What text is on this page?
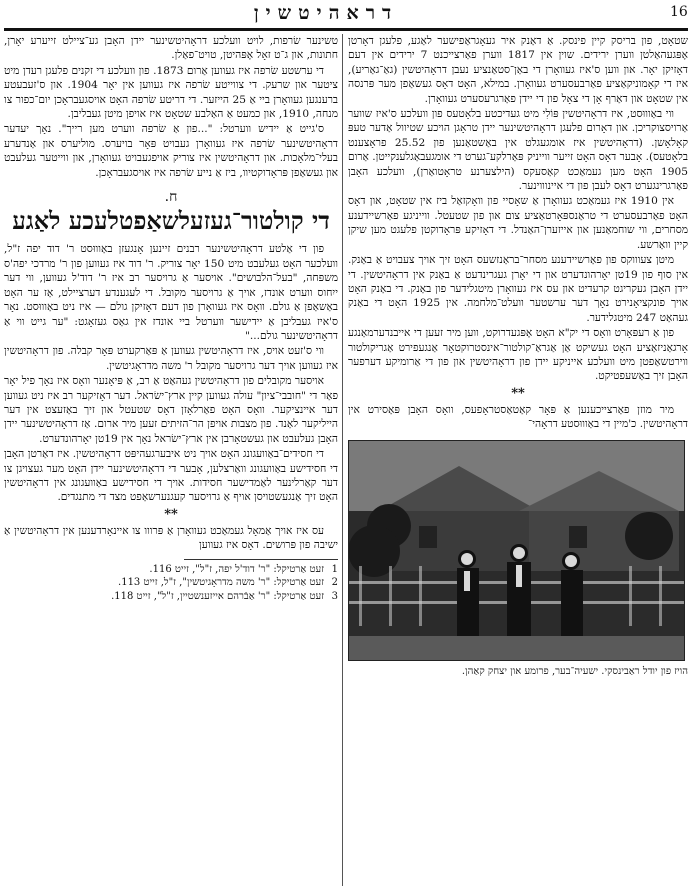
16
דראהיטשין

שטאָט, פון בריסק קיין פינסק. אַ דאַנק איר געאָגראַפישער לאַגע, פלעגן דאָרטן אָפּגעהאַלטן ווערן ירידים. שוין אין 1817 ווערן פאַרצייכנט 7 ירידים אין דעם דאָזיקן יאָר. און ווען ס'איז געוואָרן די באַן־סטאַנציע נעבן דראָהיטשין (גאַ־גאַריע), איז די קאָמוניקאַציע פאַרבעסערט געוואָרן. במילא, האָט דאָס געשאַפן מער פּרנסה אין שטאָט און דאַרף אָן די צאָל פון די יידן פאַרגרעסערט געוואָרן.

ווי באַוווּסט, איז דראָהיטשין פּוֹלִי מיט געדיכטע בלאָטעס פון וועלכע ס'איז שווער אַרויסצוקריכן. און דאָרום פלעגן דראָהיטשינער יידן טראָגן הויכע שטיוול אַדער טעפּ קאָלאָשן. (דראָהיטשין איז אומגעגלט אין באַשטאַנען פון 25.52 פראָצענט בלאָטעס). אָבער דאָס האָט זייער ווייניק פּאַרלקע־גערט די אומגעבאַגלענקייטן. אַרום 1905 האָט מען געמאַכט קאַסעקס (הילצערנע טראָטואַרן), וועלכע האָבן פאַרגרינגערט דאָס לעבן פון די איינוווינער.

אין 1910 איז געמאַכט געוואָרן אַ שאָסיי פון וואָקזאַל ביז אין שטאָט, און דאָס האָט פאַרבעסערט די טראַנספּאָרטאַציע צום און פון שטעטל. ווייניגע פאַרשיידענע מסחרים, ווי שוחמאַנען און אייזערן־האַנדל. די דאָזיקע פּראָדוקטן פלעגט מען שיקן קיין וואַרשע.

מיטן צעוווקס פון פאַרשיידענע מסחר־בראַנזשעס האָט זיך אויך צעבויט אַ באַנק. אין סוף פון 19טן יאָרהונדערט און די יאָרן געגרינדעט אַ באַנק אין דראָהיטשין. די יידן האָבן געקריגט קרעדיט און עס איז געוואָרן מיטגלידער פון באַנק. די באַנק האָט אויך פונקציאָנירט נאָך דער ערשטער וועלט־מלחמה. אין 1925 האָט די באַנק געהאַט 247 מיטגלידער.

פון אַ רעפּאָרט וואָס די יק"א האָט אָפּגעדרוקט, ווען מיר זעען די אייבנדערמאַנגע אָרגאַניזאַציע האָט געשיקט אַן אַגראַ־קולטור־אינסטרוקטאָר אַנגעפירט אַגריקולטור ווירטשאַפטן מיט וועלכע אייניקע יידן פון דראָהיטשין און פון די אַרומיקע דערפער האָבן זיך באַשעפטיקט.

**

מיר מוזן פאַרצייכענען אַ פּאָר קאַטאַסטראָפעס, וואָס האָבן פּאַסירט אין דראָהיטשין. כ'מיין די באַוווּסטע דראָהי־

הויז פון יודל ראַבינסקי. ישעיה־בער, פרומע און יצחק קאַהן.

טשינער שׂרפות, לויט וועלכע דראָהיטשינער יידן האָבן גע־ציילט זייערע יאָרן, חתונות, און ג־ט זאָל אָפּהיטן, טויט־פאַלן.

די ערשטע שׂרפה איז געווען אַרום 1873. פון וועלכע די זקנים פלעגן רעדן מיט ציטער און שרעק. די צווייטע שׂרפה איז געווען אין יאָר 1904. און ס'זעבעטע ברענגען געוואָרן ביי אַ 25 הייזער. די דריטע שׂרפה האָט אויסגעבראָכן יום־כפור צו מנחה, 1910, און כמעט אַ האַלבע שטאָט איז אויפן מיטן געבליבן.

ס'גייט אַ יידיש ווערטל: "...פון אַ שׂרפה ווערט מען רייך". נאָך יעדער דראָהיטשינער שׂרפה איז געוואָרן געבויט פּאָר בויערס. מוליערס און אַנדערע בעלי־מלאָכות. און דראָהיטשין איז צוריק אויפגעבויט געוואָרן, און ווייטער געלעבט און געשאַפן פּראָדוקטיוו, ביז אַ נייע שׂרפה איז אויסגעבראָכן.

ח.
די קולטור־געזעלשאַפטלעכע לאַגע

פון די אַלטע דראָהיטשינער רבנים זיינען אָנגעזן באַוווּסט ר' דוד יפה ז"ל, וועלכער האָט געלעבט מיט 150 יאָר צוריק. ר' דוד איז געווען פון ר' מרדכי יפה'ס משפּחה, "בעל־הלבושים". אויסער אַ גרויסער רב איז ר' דוד'ל געווען, ווי דער ייִחוס ווערט אונדז, אויך אַ גרויסער מקובל. די לעגענדע דערציילט, אַז ער האָט באַשאַפן אַ גולם. וואָס איז געוואָרן פון דעם דאָזיקן גולם — איז ניט באַוווּסט. נאָר ס'איז געבליבן אַ יידישער ווערטל ביי אונדז אין גאַס געזאָגט: "ער גייט ווי אַ דראָהיטשינער גולם..."

ווי ס'זעט אויס, איז דראָהיטשין געווען אַ פּאַרקערט פּאָר קבלה. פון דראָהיטשין איז געווען אויך דער גרויסער מקובל ר' משה מדראָגיטשין.

אויסער מקובלים פון דראָהיטשין געהאַט אַ רב, אַ פּיאָנער וואָס איז נאָך פיל יאָר פאַר די "חובבי־ציון" עולה געווען קיין ארץ־ישׂראל. דער דאָזיקער רב איז ניט געווען דער איינציקער. וואָס האָט פאַרלאָזן דאָס שטעטל און זיך באַזעצט אין דער הייליקער לאַנד. פון מצבות אויפן הר־הזיתים זעען מיר ארום. אַז דראָהיטשינער יידן האָבן געלעבט און געשטאָרבן אין ארץ־ישׂראל נאָך אין 19טן יאָרהונדערט.

די חסידים־באַוועגונג האָט אויך ניט איבערגעהיפּט דראָהיטשין. איז דאַרטן האָבן די חסידישע באַוועגונג וואַרצלען, אָבער די דראָהיטשינער יידן האָט מער געצויגן צו דער קאַרלינער לאַמדישער חסידות. אויך די חסידישע באַוועגונג אין דראָהיטשין האָט זיך אַנגעשטויסן אויף אַ גרויסער קעגנערשאַפט מצד די מתנגדים.

**

עס איז אויך אַמאָל געמאַכט געוואָרן אַ פּרווו צו איינאָרדענען אין דראָהיטשין אַ ישיבה פון פּרושים. דאָס איז געווען

1זעט אַרטיקל: "ר' דוד'ל יפה, ז"ל", זייט 116.

2זעט אַרטיקל: "ר' משה מדראָגיטשין", ז"ל, זייט 113.

3זעט אַרטיקל: "ר' אַבֿרהם אייזענשטיין, ז"ל", זייט 118.
